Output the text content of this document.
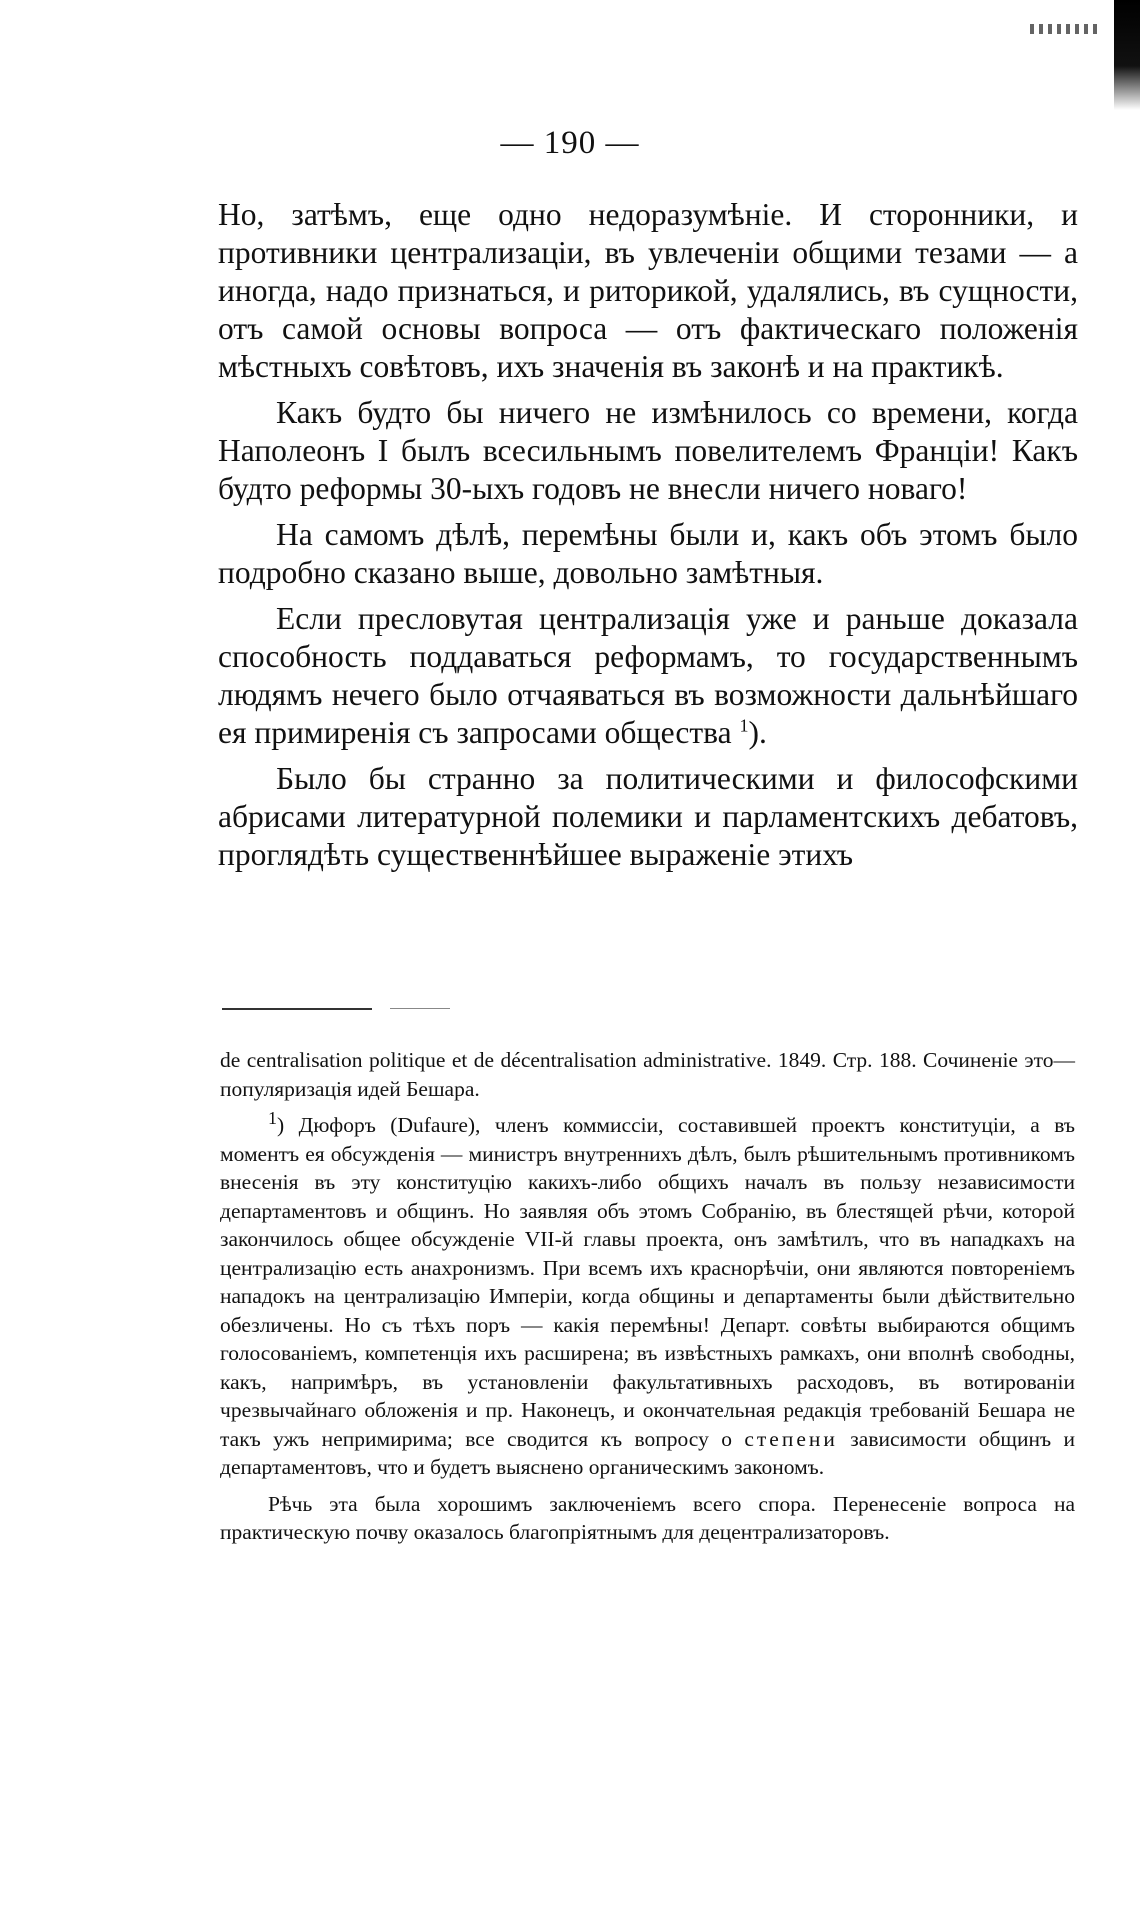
— 190 —

Но, затѣмъ, еще одно недоразумѣніе. И сторонники, и противники централизаціи, въ увлеченіи общими тезами — а иногда, надо признаться, и риторикой, удалялись, въ сущности, отъ самой основы вопроса — отъ фактическаго положенія мѣстныхъ совѣтовъ, ихъ значенія въ законѣ и на практикѣ.

Какъ будто бы ничего не измѣнилось со времени, когда Наполеонъ I былъ всесильнымъ повелителемъ Франціи! Какъ будто реформы 30-ыхъ годовъ не внесли ничего новаго!

На самомъ дѣлѣ, перемѣны были и, какъ объ этомъ было подробно сказано выше, довольно замѣтныя.

Если пресловутая централизація уже и раньше доказала способность поддаваться реформамъ, то государственнымъ людямъ нечего было отчаяваться въ возможности дальнѣйшаго ея примиренія съ запросами общества $^1$).

Было бы странно за политическими и философскими абрисами литературной полемики и парламентскихъ дебатовъ, проглядѣть существеннѣйшее выраженіе этихъ

de centralisation politique et de décentralisation administrative. 1849. Стр. 188. Сочиненіе это—популяризація идей Бешара.

$^1$) Дюфоръ (Dufaure), членъ коммиссіи, составившей проектъ конституціи, а въ моментъ ея обсужденія — министръ внутреннихъ дѣлъ, былъ рѣшительнымъ противникомъ внесенія въ эту конституцію какихъ-либо общихъ началъ въ пользу независимости департаментовъ и общинъ. Но заявляя объ этомъ Собранію, въ блестящей рѣчи, которой закончилось общее обсужденіе VII-й главы проекта, онъ замѣтилъ, что въ нападкахъ на централизацію есть анахронизмъ. При всемъ ихъ краснорѣчіи, они являются повтореніемъ нападокъ на централизацію Имперіи, когда общины и департаменты были дѣйствительно обезличены. Но съ тѣхъ поръ — какія перемѣны! Департ. совѣты выбираются общимъ голосованіемъ, компетенція ихъ расширена; въ извѣстныхъ рамкахъ, они вполнѣ свободны, какъ, напримѣръ, въ установленіи факультативныхъ расходовъ, въ вотированіи чрезвычайнаго обложенія и пр. Наконецъ, и окончательная редакція требованій Бешара не такъ ужъ непримирима; все сводится къ вопросу о степени зависимости общинъ и департаментовъ, что и будетъ выяснено органическимъ закономъ.

Рѣчь эта была хорошимъ заключеніемъ всего спора. Перенесеніе вопроса на практическую почву оказалось благопріятнымъ для децентрализаторовъ.
